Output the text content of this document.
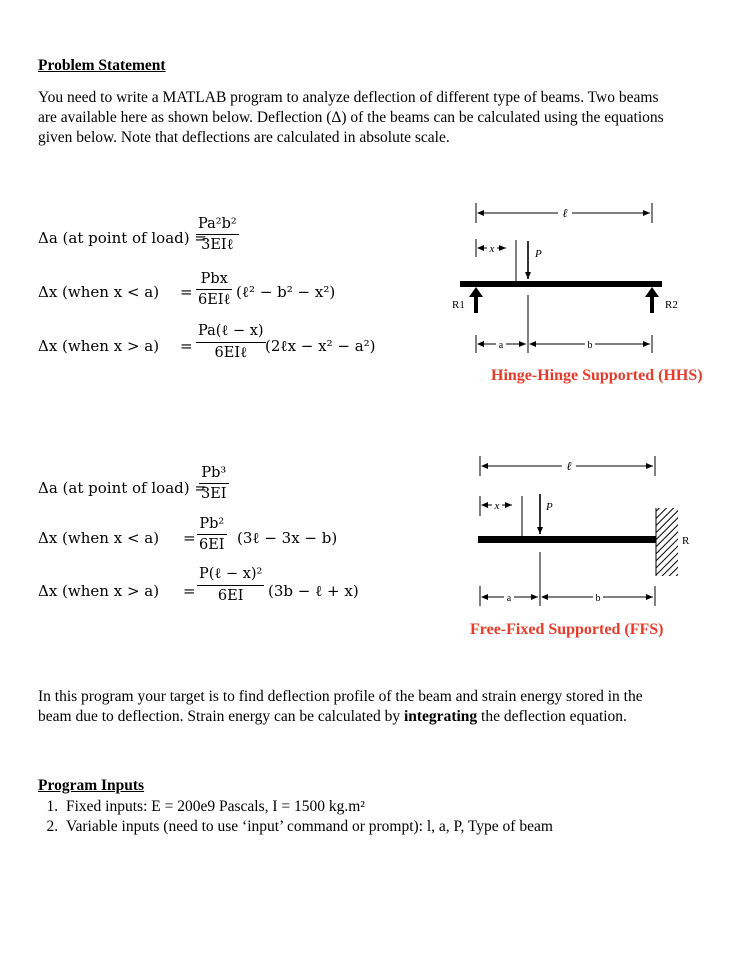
Problem Statement
You need to write a MATLAB program to analyze deflection of different type of beams. Two beams are available here as shown below. Deflection (Δ) of the beams can be calculated using the equations given below. Note that deflections are calculated in absolute scale.
Δa (at point of load) =
Pa²b²
3EIℓ
Δx (when x < a) =
Pbx
6EIℓ (ℓ² − b² − x²)
Δx (when x > a) =
Pa(ℓ − x)
6EIℓ	(2ℓx − x² − a²)
ℓ
x	P
R1	R2
a	b
Hinge-Hinge Supported (HHS)
Δa (at point of load) =
$\frac{\text{Pb³}}{3EI}$
Δx (when $x < a) = \frac{\text{Pb²}}{6EI}$ (3ℓ − 3x − b)
Δx (when x > a) =
P(ℓ − x)²
6EI	(3b − ℓ + x)
ℓ
x	P
R
a	b
Free-Fixed Supported (FFS)
In this program your target is to find deflection profile of the beam and strain energy stored in the beam due to deflection. Strain energy can be calculated by integrating the deflection equation.
Program Inputs
1. Fixed inputs: E = 200e9 Pascals, I = 1500 kg.m²
2. Variable inputs (need to use ‘input’ command or prompt): l, a, P, Type of beam
